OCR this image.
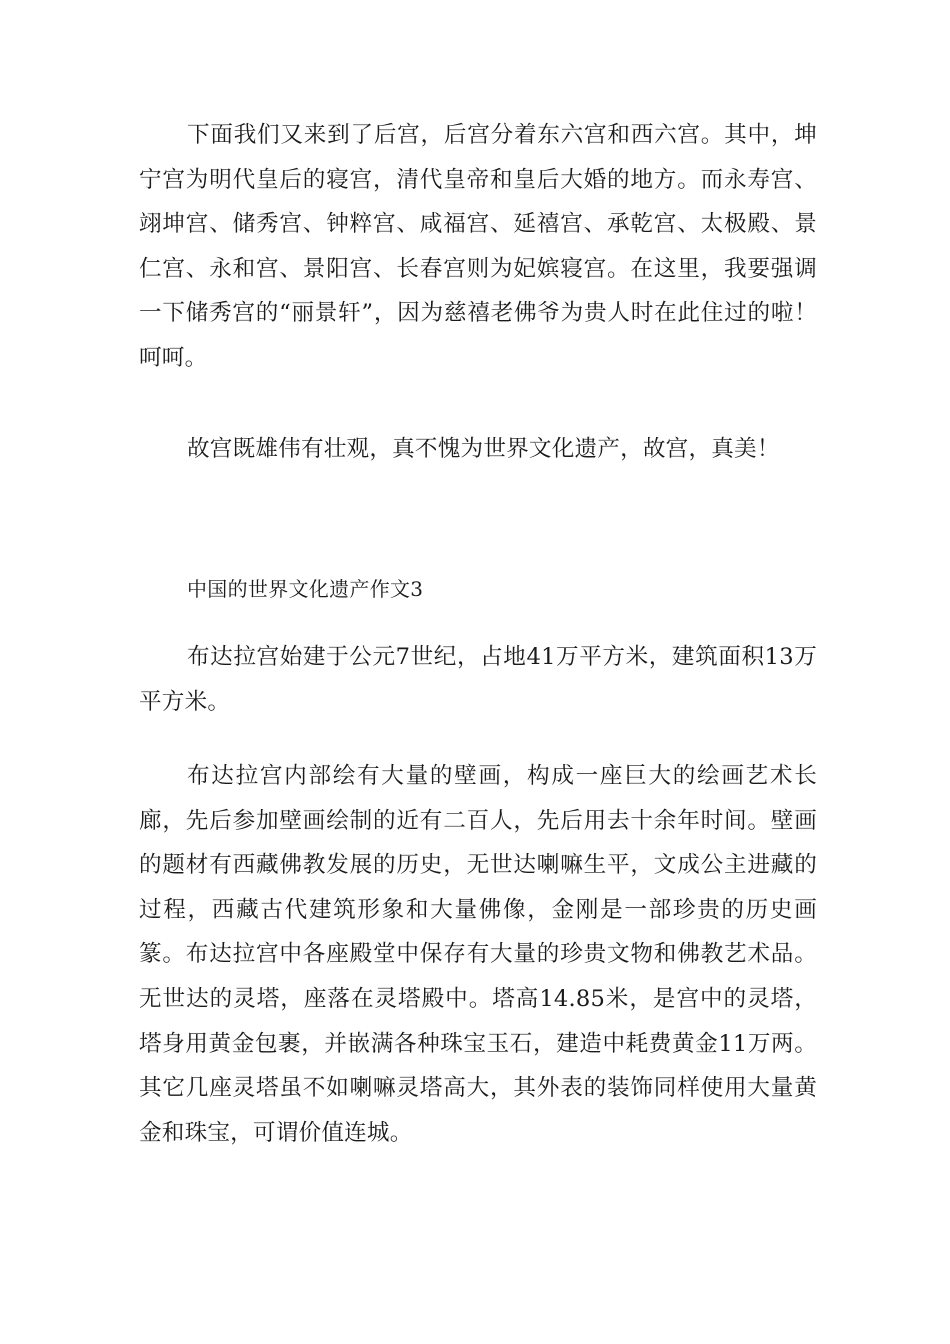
下面我们又来到了后宫，后宫分着东六宫和西六宫。其中，坤宁宫为明代皇后的寝宫，清代皇帝和皇后大婚的地方。而永寿宫、翊坤宫、储秀宫、钟粹宫、咸福宫、延禧宫、承乾宫、太极殿、景仁宫、永和宫、景阳宫、长春宫则为妃嫔寝宫。在这里，我要强调一下储秀宫的“丽景轩”，因为慈禧老佛爷为贵人时在此住过的啦！呵呵。

故宫既雄伟有壮观，真不愧为世界文化遗产，故宫，真美！

中国的世界文化遗产作文3

布达拉宫始建于公元7世纪，占地41万平方米，建筑面积13万平方米。

布达拉宫内部绘有大量的壁画，构成一座巨大的绘画艺术长廊，先后参加壁画绘制的近有二百人，先后用去十余年时间。壁画的题材有西藏佛教发展的历史，无世达喇嘛生平，文成公主进藏的过程，西藏古代建筑形象和大量佛像，金刚是一部珍贵的历史画篆。布达拉宫中各座殿堂中保存有大量的珍贵文物和佛教艺术品。无世达的灵塔，座落在灵塔殿中。塔高14.85米，是宫中的灵塔，塔身用黄金包裹，并嵌满各种珠宝玉石，建造中耗费黄金11万两。其它几座灵塔虽不如喇嘛灵塔高大，其外表的装饰同样使用大量黄金和珠宝，可谓价值连城。
